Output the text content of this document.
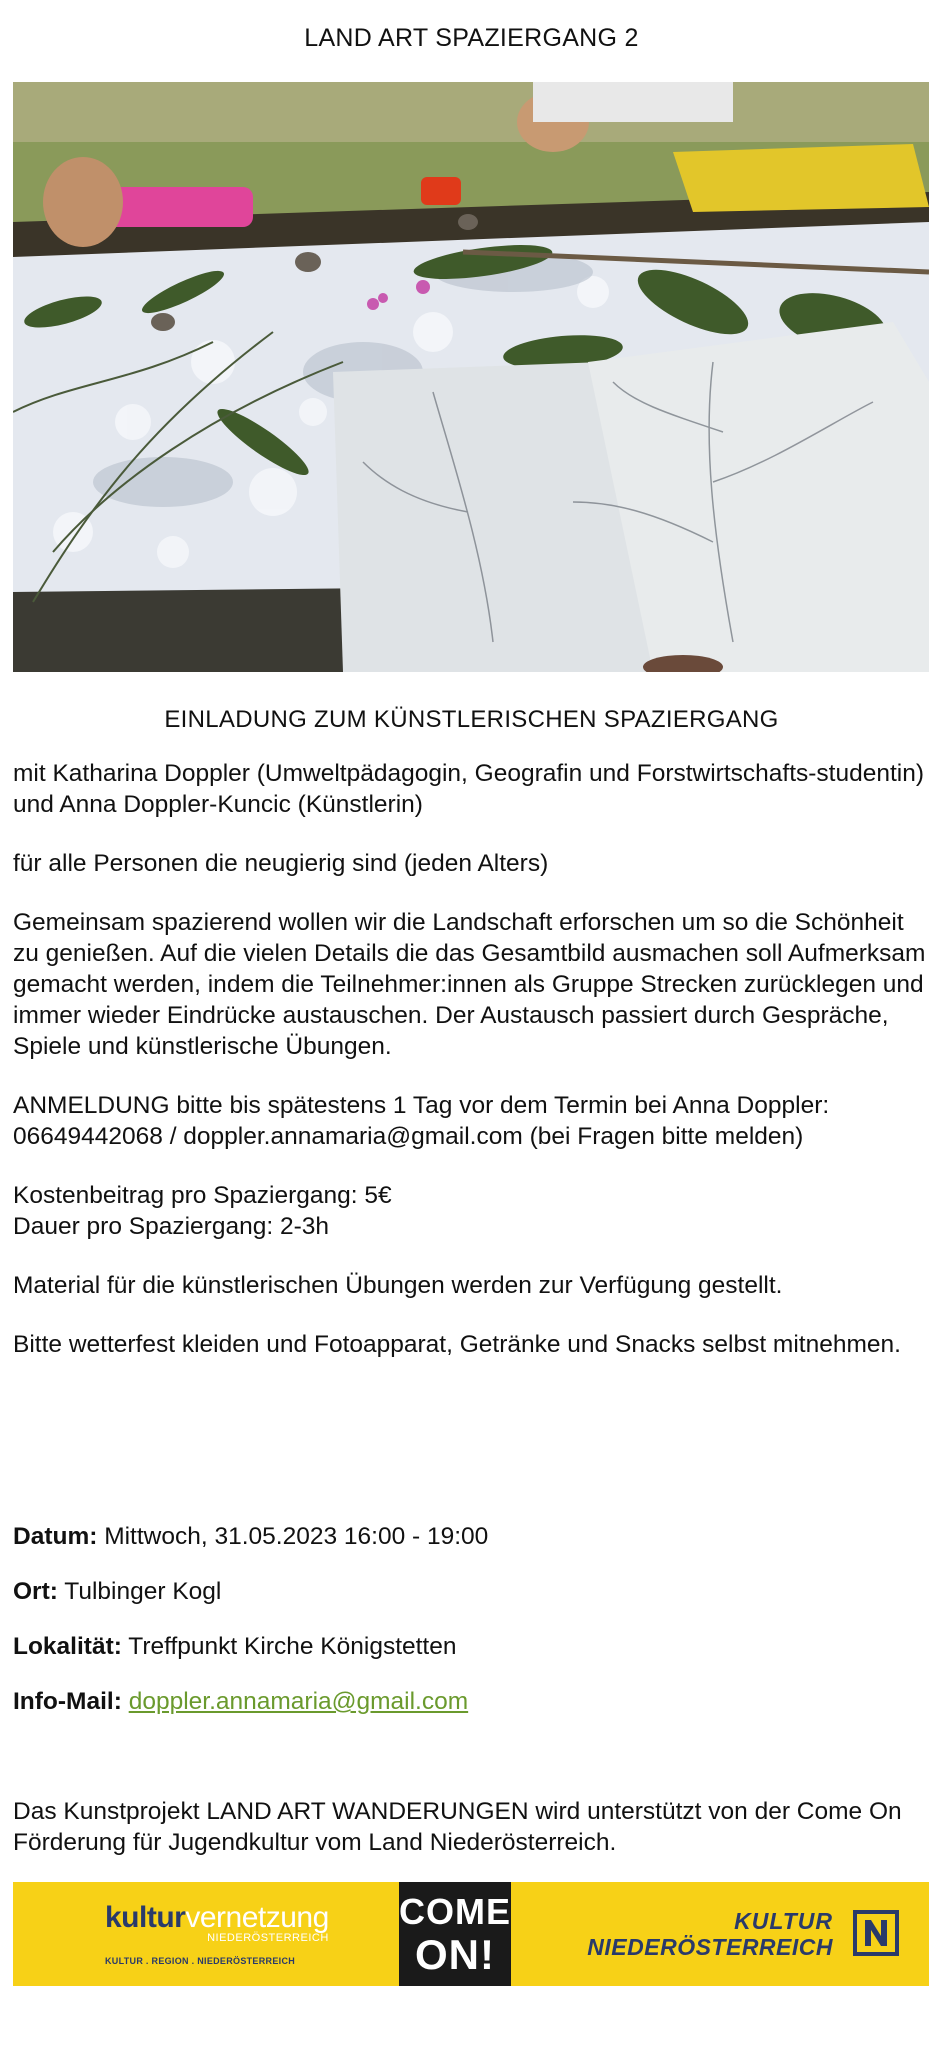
LAND ART SPAZIERGANG 2
EINLADUNG ZUM KÜNSTLERISCHEN SPAZIERGANG

mit Katharina Doppler (Umweltpädagogin, Geografin und Forstwirtschafts-studentin) und Anna Doppler-Kuncic (Künstlerin)

für alle Personen die neugierig sind (jeden Alters)

Gemeinsam spazierend wollen wir die Landschaft erforschen um so die Schönheit zu genießen. Auf die vielen Details die das Gesamtbild ausmachen soll Aufmerksam gemacht werden, indem die Teilnehmer:innen als Gruppe Strecken zurücklegen und immer wieder Eindrücke austauschen. Der Austausch passiert durch Gespräche, Spiele und künstlerische Übungen.

ANMELDUNG bitte bis spätestens 1 Tag vor dem Termin bei Anna Doppler: 06649442068 / doppler.annamaria@gmail.com (bei Fragen bitte melden)

Kostenbeitrag pro Spaziergang: 5€
Dauer pro Spaziergang: 2-3h

Material für die künstlerischen Übungen werden zur Verfügung gestellt.

Bitte wetterfest kleiden und Fotoapparat, Getränke und Snacks selbst mitnehmen.

Datum: Mittwoch, 31.05.2023 16:00 - 19:00
Ort: Tulbinger Kogl
Lokalität: Treffpunkt Kirche Königstetten
Info-Mail: doppler.annamaria@gmail.com
Das Kunstprojekt LAND ART WANDERUNGEN wird unterstützt von der Come On Förderung für Jugendkultur vom Land Niederösterreich.
kulturvernetzung
NIEDERÖSTERREICH
KULTUR . REGION . NIEDERÖSTERREICH
COME
ON!
KULTUR
NIEDERÖSTERREICH
